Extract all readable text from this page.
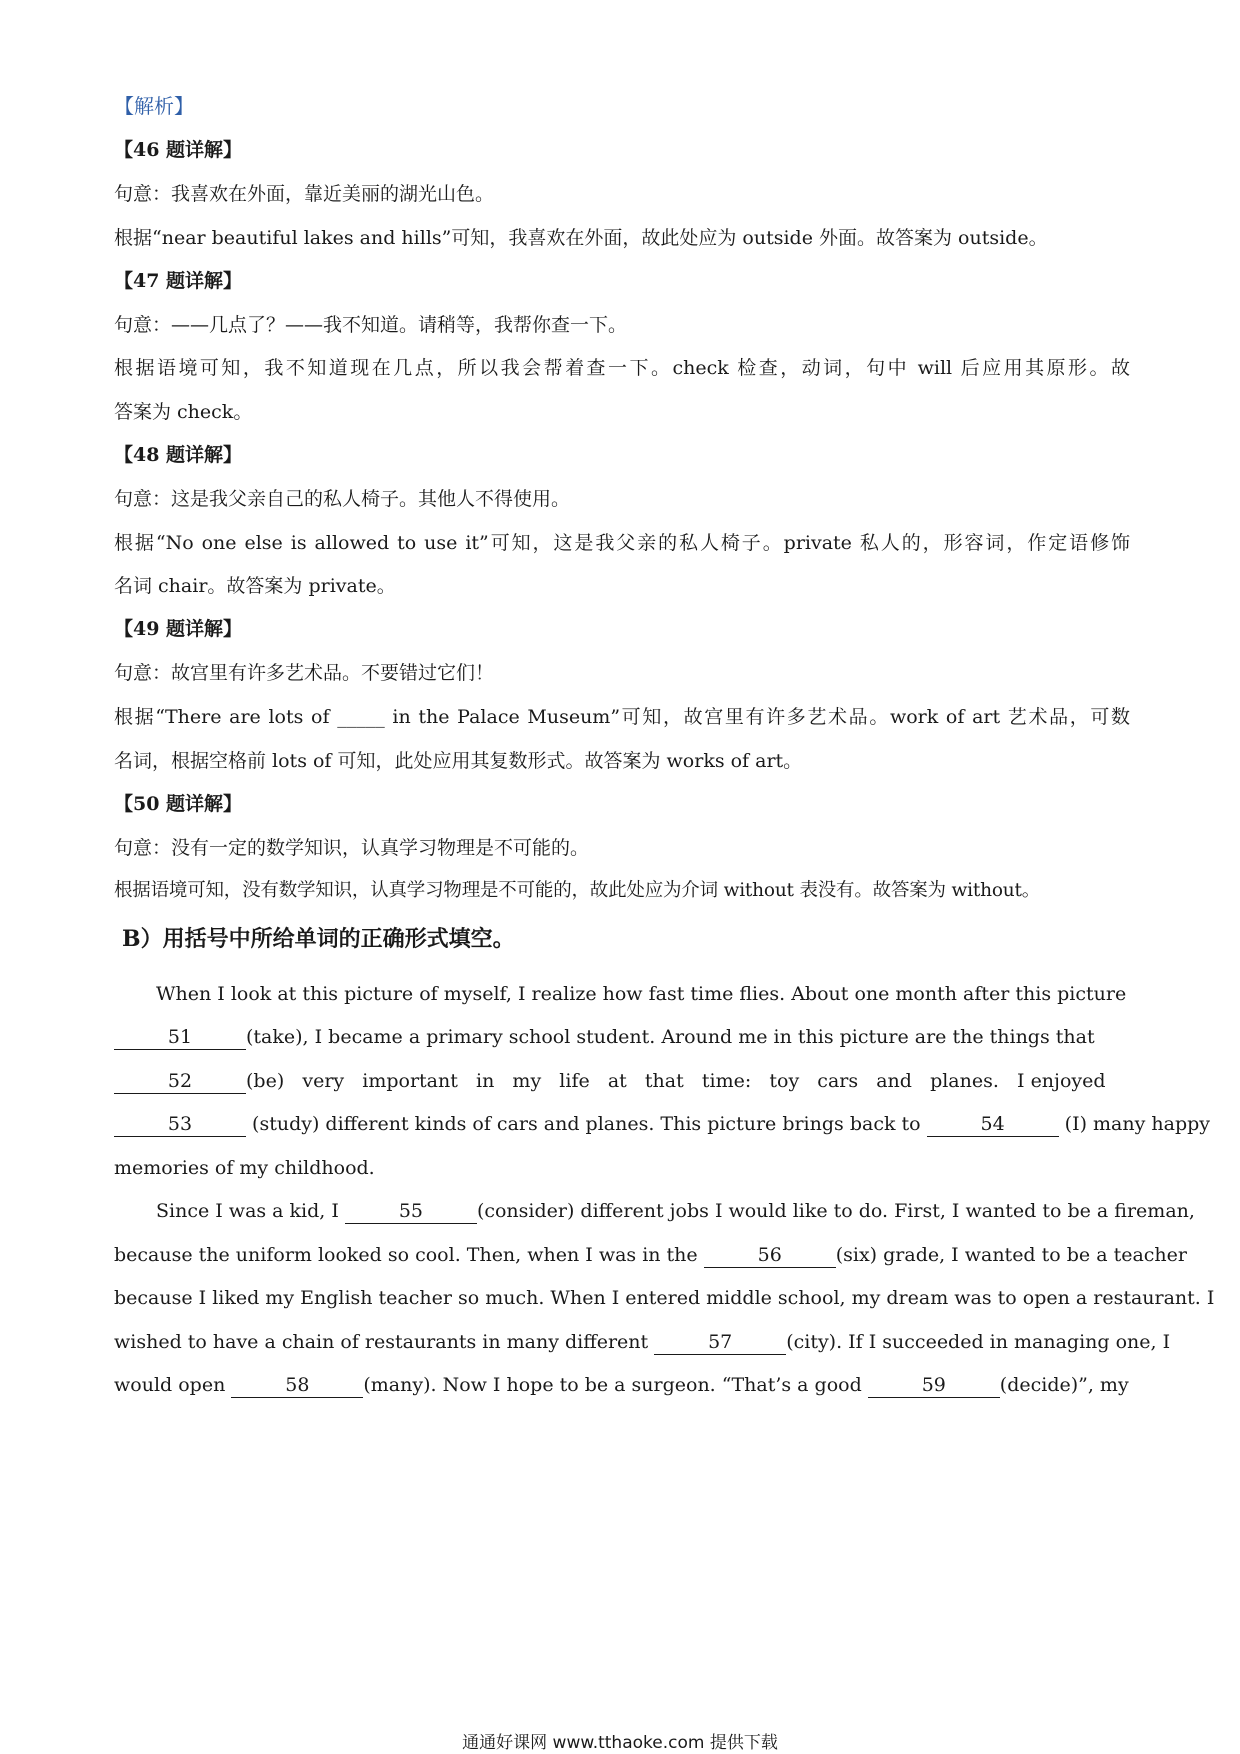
【解析】
【46 题详解】
句意：我喜欢在外面，靠近美丽的湖光山色。
根据“near beautiful lakes and hills”可知，我喜欢在外面，故此处应为 outside 外面。故答案为 outside。
【47 题详解】
句意：——几点了？——我不知道。请稍等，我帮你查一下。
根据语境可知，我不知道现在几点，所以我会帮着查一下。check 检查，动词，句中 will 后应用其原形。故
答案为 check。
【48 题详解】
句意：这是我父亲自己的私人椅子。其他人不得使用。
根据“No one else is allowed to use it”可知，这是我父亲的私人椅子。private 私人的，形容词，作定语修饰
名词 chair。故答案为 private。
【49 题详解】
句意：故宫里有许多艺术品。不要错过它们！
根据“There are lots of _____ in the Palace Museum”可知，故宫里有许多艺术品。work of art 艺术品，可数
名词，根据空格前 lots of 可知，此处应用其复数形式。故答案为 works of art。
【50 题详解】
句意：没有一定的数学知识，认真学习物理是不可能的。
根据语境可知，没有数学知识，认真学习物理是不可能的，故此处应为介词 without 表没有。故答案为 without。
B）用括号中所给单词的正确形式填空。
When I look at this picture of myself, I realize how fast time flies. About one month after this picture
51	(take), I became a primary school student. Around me in this picture are the things that
52	(be)   very   important   in   my   life   at   that   time:   toy   cars   and   planes.   I enjoyed
53	(study) different kinds of cars and planes. This picture brings back to	54	(I) many happy
memories of my childhood.
Since I was a kid, I	55	(consider) different jobs I would like to do. First, I wanted to be a fireman,
because the uniform looked so cool. Then, when I was in the	56	(six) grade, I wanted to be a teacher
because I liked my English teacher so much. When I entered middle school, my dream was to open a restaurant. I
wished to have a chain of restaurants in many different	57	(city). If I succeeded in managing one, I
would open	58	(many). Now I hope to be a surgeon. “That’s a good	59	(decide)”, my
通通好课网 www.tthaoke.com 提供下载
